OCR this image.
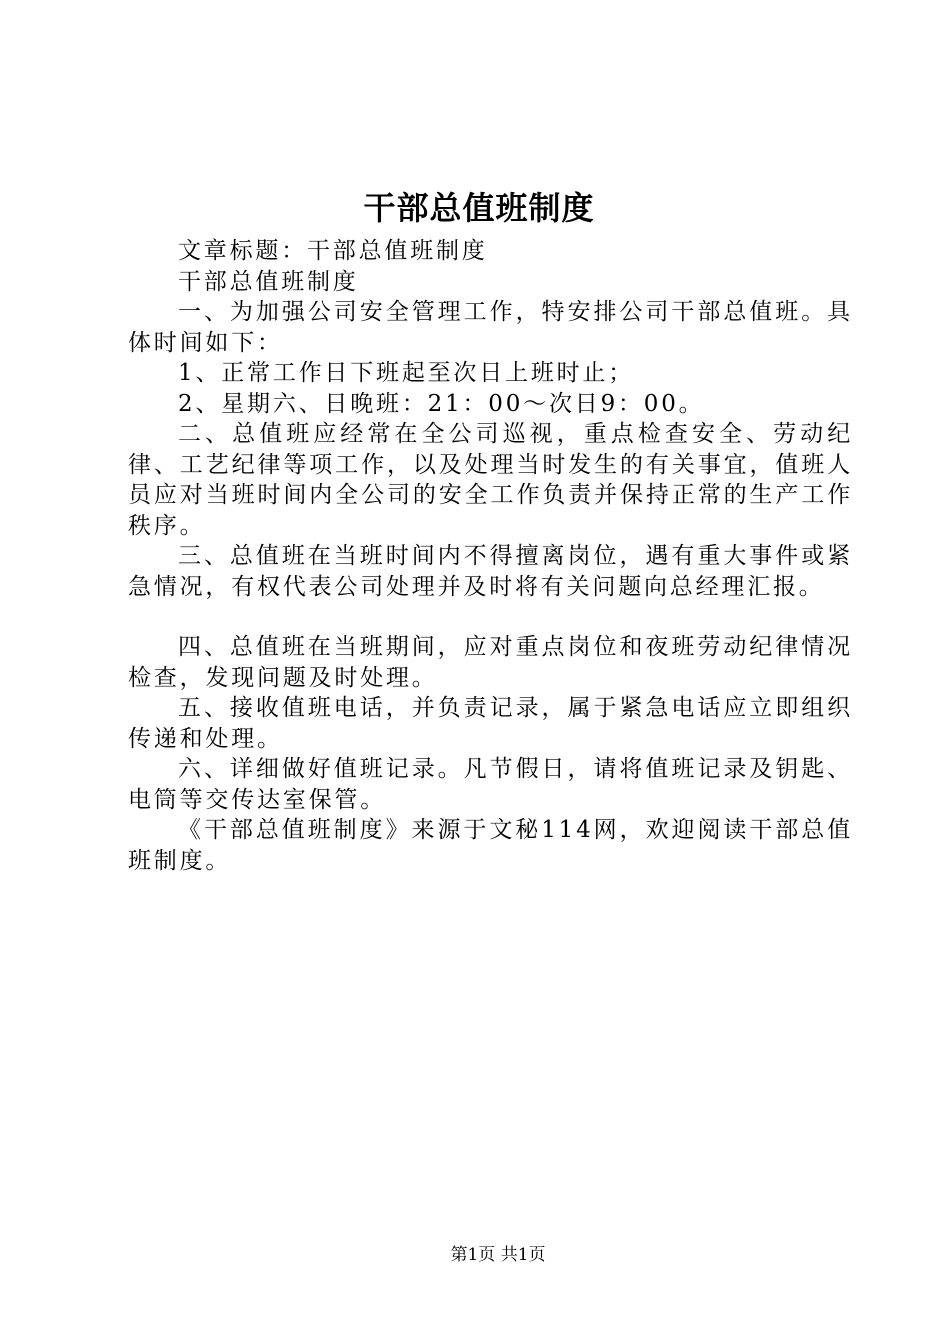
干部总值班制度

文章标题：干部总值班制度

干部总值班制度

一、为加强公司安全管理工作，特安排公司干部总值班。具体时间如下：

1、正常工作日下班起至次日上班时止；

2、星期六、日晚班：21：00～次日9：00。

二、总值班应经常在全公司巡视，重点检查安全、劳动纪律、工艺纪律等项工作，以及处理当时发生的有关事宜，值班人员应对当班时间内全公司的安全工作负责并保持正常的生产工作秩序。

三、总值班在当班时间内不得擅离岗位，遇有重大事件或紧急情况，有权代表公司处理并及时将有关问题向总经理汇报。

四、总值班在当班期间，应对重点岗位和夜班劳动纪律情况检查，发现问题及时处理。

五、接收值班电话，并负责记录，属于紧急电话应立即组织传递和处理。

六、详细做好值班记录。凡节假日，请将值班记录及钥匙、电筒等交传达室保管。

《干部总值班制度》来源于文秘114网，欢迎阅读干部总值班制度。

第1页 共1页
